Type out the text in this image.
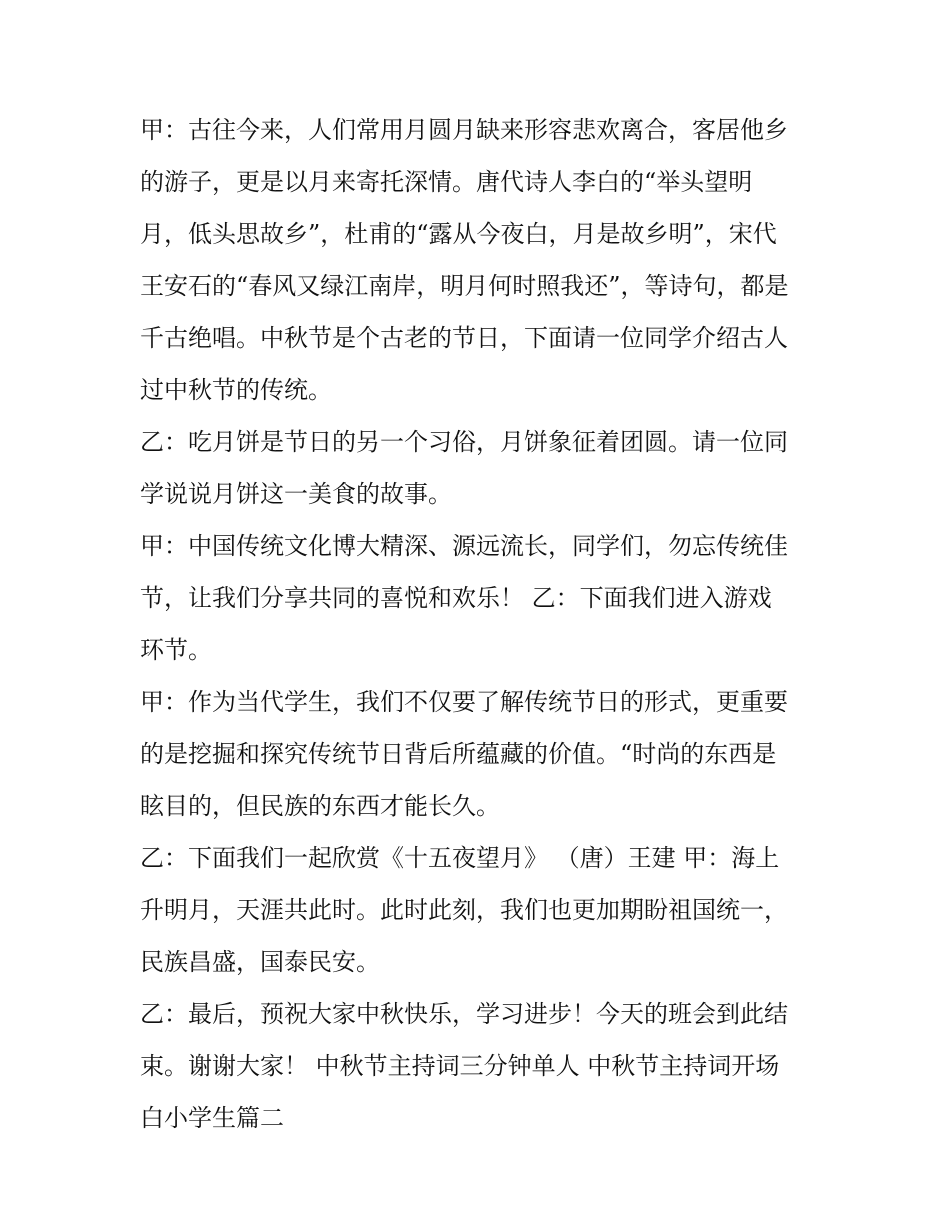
甲：古往今来，人们常用月圆月缺来形容悲欢离合，客居他乡
的游子，更是以月来寄托深情。唐代诗人李白的“举头望明
月，低头思故乡”，杜甫的“露从今夜白，月是故乡明”，宋代
王安石的“春风又绿江南岸，明月何时照我还”，等诗句，都是
千古绝唱。中秋节是个古老的节日，下面请一位同学介绍古人
过中秋节的传统。
乙：吃月饼是节日的另一个习俗，月饼象征着团圆。请一位同
学说说月饼这一美食的故事。
甲：中国传统文化博大精深、源远流长，同学们，勿忘传统佳
节，让我们分享共同的喜悦和欢乐！ 乙：下面我们进入游戏
环节。
甲：作为当代学生，我们不仅要了解传统节日的形式，更重要
的是挖掘和探究传统节日背后所蕴藏的价值。“时尚的东西是
眩目的，但民族的东西才能长久。
乙：下面我们一起欣赏《十五夜望月》 （唐）王建 甲：海上
升明月，天涯共此时。此时此刻，我们也更加期盼祖国统一，
民族昌盛，国泰民安。
乙：最后，预祝大家中秋快乐，学习进步！今天的班会到此结
束。谢谢大家！ 中秋节主持词三分钟单人 中秋节主持词开场
白小学生篇二
